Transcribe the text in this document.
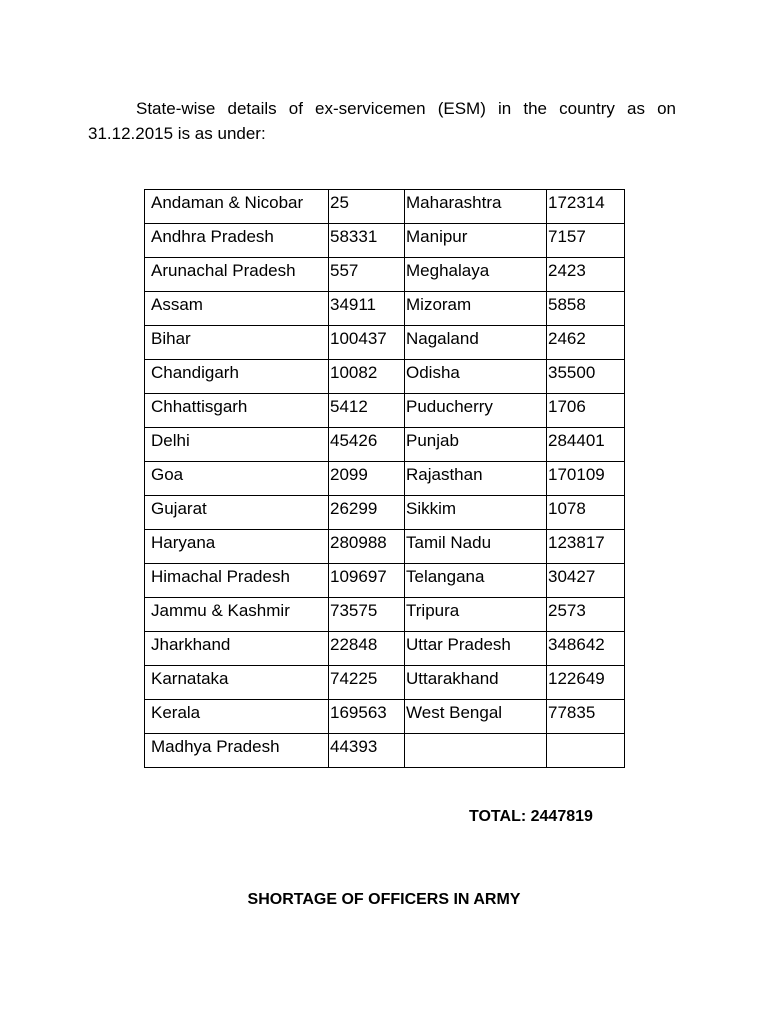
State-wise details of ex-servicemen (ESM) in the country as on 31.12.2015 is as under:

Andaman & Nicobar	25	Maharashtra	172314
Andhra Pradesh	58331	Manipur	7157
Arunachal Pradesh	557	Meghalaya	2423
Assam	34911	Mizoram	5858
Bihar	100437	Nagaland	2462
Chandigarh	10082	Odisha	35500
Chhattisgarh	5412	Puducherry	1706
Delhi	45426	Punjab	284401
Goa	2099	Rajasthan	170109
Gujarat	26299	Sikkim	1078
Haryana	280988	Tamil Nadu	123817
Himachal Pradesh	109697	Telangana	30427
Jammu & Kashmir	73575	Tripura	2573
Jharkhand	22848	Uttar Pradesh	348642
Karnataka	74225	Uttarakhand	122649
Kerala	169563	West Bengal	77835
Madhya Pradesh	44393		

TOTAL: 2447819

SHORTAGE OF OFFICERS IN ARMY
